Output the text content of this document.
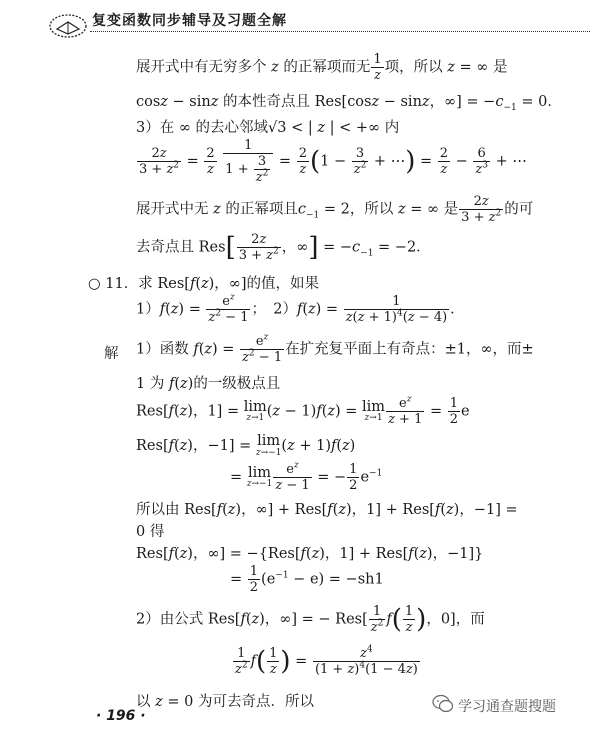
复变函数同步辅导及习题全解
展开式中有无穷多个 z 的正幂项而无 $\frac{1}{z}$ 项，所以 z = ∞ 是
cosz − sinz 的本性奇点且 Res[cosz − sinz，∞] = $-c_{-1} = 0$．
3）在 ∞ 的去心邻域√3 < | z | < +∞ 内
$\frac{2z}{3 + z^2} = \frac{2}{z}$
$\frac{1}{1 + \frac{3}{z^2}} = \frac{2}{z} (1 - \frac{3}{z^2}$ + ⋯) = $\frac{2}{z} - \frac{6}{z^3}$ + ⋯
展开式中无 z 的正幂项且$c_{-1} = 2$，所以 z = ∞ 是 $\frac{2z}{3 + z^2}$ 的可
去奇点且 $Res[ \frac{2z}{3 + z^2}$ ，∞] = $-c_{-1} = -2$．
○ 11．求 Res[f(z)，∞]的值，如果
$1)f(z) = \frac{e^z}{z^2 - 1}$ ；　$2)f(z) = \frac{1}{z(z + 1)^4(z - 4)}$ ．
解 1）函数 $f(z) = \frac{e^z}{z^2 - 1}$ 在扩充复平面上有奇点：±1，∞，而±
1 为 f(z)的一级极点且
Res[f(z)，1] = lim
z→1 (z − 1)f(z) = lim
$z\to 1 \frac{e^z}{z + 1} = \frac{1}{2}$ e
Res[f(z)，−1] = lim
z→−1 (z + 1)f(z)
= lim
$z\to-1 \frac{e^z}{z - 1}$ = − $\frac{1}{2} e^{-1}$
所以由 Res[f(z)，∞] + Res[f(z)，1] + Res[f(z)，−1] =
0 得
Res[f(z)，∞] = −{Res[f(z)，1] + Res[f(z)，−1]}
= $\frac{1}{2} (e^{-1} - e) = -sh1$
2）由公式 Res[f(z)，∞] = − $Res[ \frac{1}{z^2} f( \frac{1}{z}$ )，0]，而
$\frac{1}{z^2} f( \frac{1}{z}$ ) = $\frac{z^4}{(1 + z)^4(1 - 4z)}$
以 z = 0 为可去奇点．所以
· 196 ·
学习通查题搜题
